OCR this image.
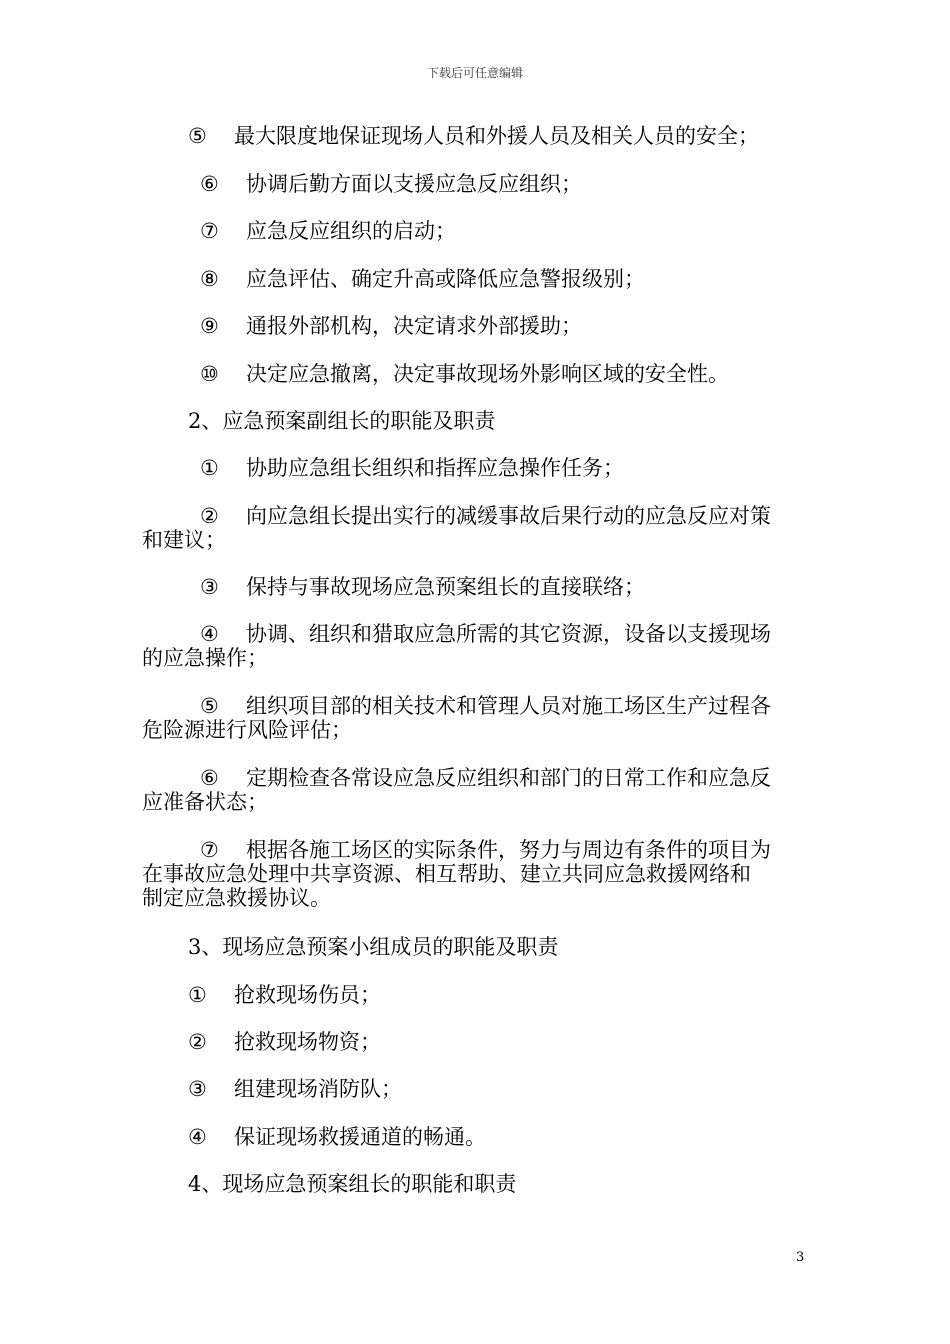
下载后可任意编辑
⑤ 最大限度地保证现场人员和外援人员及相关人员的安全；
⑥ 协调后勤方面以支援应急反应组织；
⑦ 应急反应组织的启动；
⑧ 应急评估、确定升高或降低应急警报级别；
⑨ 通报外部机构，决定请求外部援助；
⑩ 决定应急撤离，决定事故现场外影响区域的安全性。
2、应急预案副组长的职能及职责
① 协助应急组长组织和指挥应急操作任务；
② 向应急组长提出实行的减缓事故后果行动的应急反应对策
和建议；
③ 保持与事故现场应急预案组长的直接联络；
④ 协调、组织和猎取应急所需的其它资源，设备以支援现场
的应急操作；
⑤ 组织项目部的相关技术和管理人员对施工场区生产过程各
危险源进行风险评估；
⑥ 定期检查各常设应急反应组织和部门的日常工作和应急反
应准备状态；
⑦ 根据各施工场区的实际条件，努力与周边有条件的项目为
在事故应急处理中共享资源、相互帮助、建立共同应急救援网络和
制定应急救援协议。
3、现场应急预案小组成员的职能及职责
① 抢救现场伤员；
② 抢救现场物资；
③ 组建现场消防队；
④ 保证现场救援通道的畅通。
4、现场应急预案组长的职能和职责
3
